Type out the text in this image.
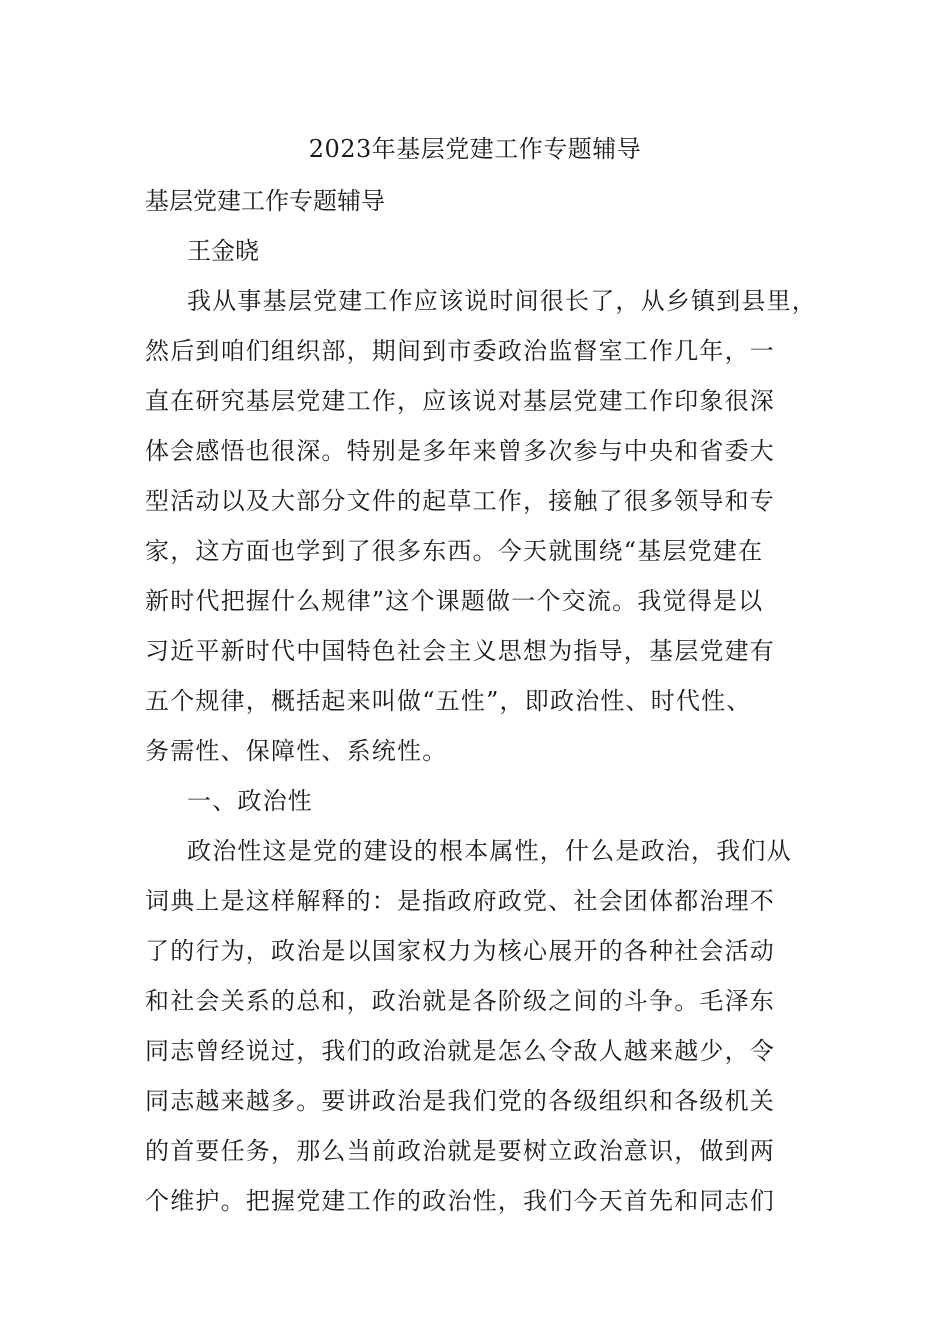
2023年基层党建工作专题辅导
基层党建工作专题辅导
王金晓
我从事基层党建工作应该说时间很长了，从乡镇到县里，
然后到咱们组织部，期间到市委政治监督室工作几年，一
直在研究基层党建工作，应该说对基层党建工作印象很深
体会感悟也很深。特别是多年来曾多次参与中央和省委大
型活动以及大部分文件的起草工作，接触了很多领导和专
家，这方面也学到了很多东西。今天就围绕“基层党建在
新时代把握什么规律”这个课题做一个交流。我觉得是以
习近平新时代中国特色社会主义思想为指导，基层党建有
五个规律，概括起来叫做“五性”，即政治性、时代性、
务需性、保障性、系统性。
一、政治性
政治性这是党的建设的根本属性，什么是政治，我们从
词典上是这样解释的：是指政府政党、社会团体都治理不
了的行为，政治是以国家权力为核心展开的各种社会活动
和社会关系的总和，政治就是各阶级之间的斗争。毛泽东
同志曾经说过，我们的政治就是怎么令敌人越来越少，令
同志越来越多。要讲政治是我们党的各级组织和各级机关
的首要任务，那么当前政治就是要树立政治意识，做到两
个维护。把握党建工作的政治性，我们今天首先和同志们
